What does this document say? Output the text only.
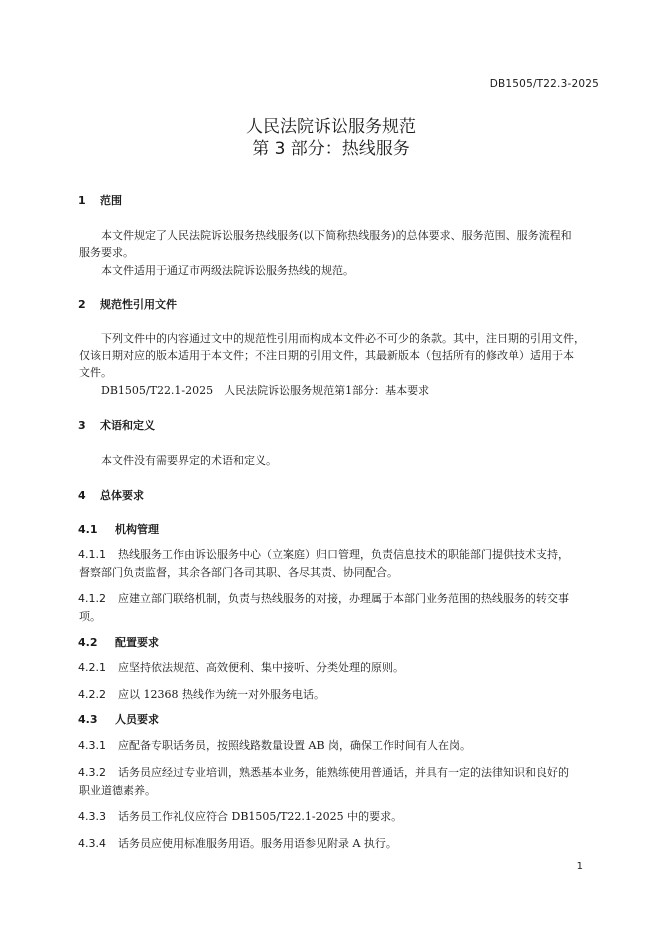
DB1505/T22.3-2025
人民法院诉讼服务规范
第 3 部分：热线服务
1 范围
本文件规定了人民法院诉讼服务热线服务(以下简称热线服务)的总体要求、服务范围、服务流程和
服务要求。
本文件适用于通辽市两级法院诉讼服务热线的规范。
2 规范性引用文件
下列文件中的内容通过文中的规范性引用而构成本文件必不可少的条款。其中，注日期的引用文件，
仅该日期对应的版本适用于本文件；不注日期的引用文件，其最新版本（包括所有的修改单）适用于本
文件。
DB1505/T22.1-2025　人民法院诉讼服务规范第1部分：基本要求
3 术语和定义
本文件没有需要界定的术语和定义。
4 总体要求
4.1 机构管理
4.1.1 热线服务工作由诉讼服务中心（立案庭）归口管理，负责信息技术的职能部门提供技术支持，
督察部门负责监督，其余各部门各司其职、各尽其责、协同配合。
4.1.2 应建立部门联络机制，负责与热线服务的对接，办理属于本部门业务范围的热线服务的转交事
项。
4.2 配置要求
4.2.1 应坚持依法规范、高效便利、集中接听、分类处理的原则。
4.2.2 应以 12368 热线作为统一对外服务电话。
4.3 人员要求
4.3.1 应配备专职话务员，按照线路数量设置 AB 岗，确保工作时间有人在岗。
4.3.2 话务员应经过专业培训，熟悉基本业务，能熟练使用普通话，并具有一定的法律知识和良好的
职业道德素养。
4.3.3 话务员工作礼仪应符合 DB1505/T22.1-2025 中的要求。
4.3.4 话务员应使用标准服务用语。服务用语参见附录 A 执行。
1
